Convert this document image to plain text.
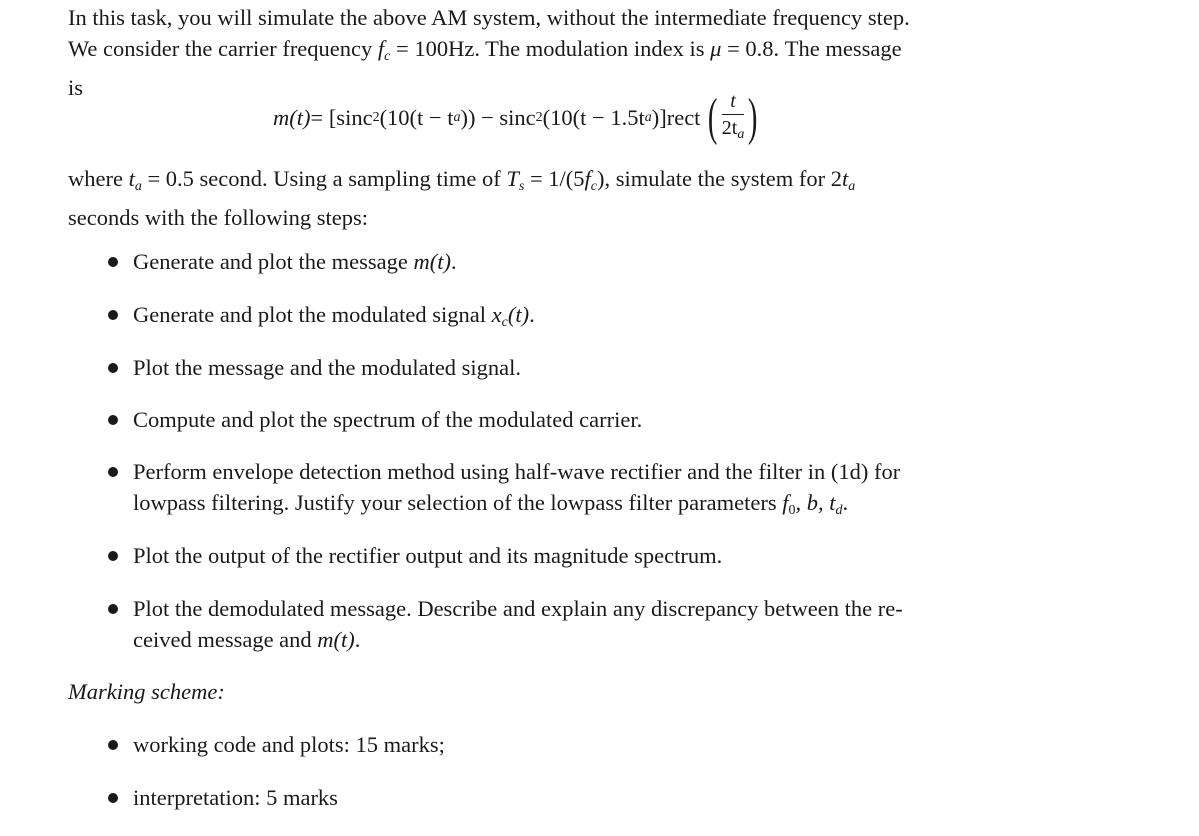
In this task, you will simulate the above AM system, without the intermediate frequency step.
We consider the carrier frequency $f_c = 100Hz$. The modulation index is μ = 0.8. The message
is
m(t) = [sinc 2 (10(t − t a )) − sinc 2 (10(t − 1.5t a )]rect ( $\frac{t}{2t_a}$ )
where $t_a = 0.5$ second. Using a sampling time of $T_s = 1/(5f_c)$, simulate the system for $2t_a$
seconds with the following steps:
Generate and plot the message m(t).
Generate and plot the modulated signal $x_c(t)$.
Plot the message and the modulated signal.
Compute and plot the spectrum of the modulated carrier.
Perform envelope detection method using half-wave rectifier and the filter in (1d) for
lowpass filtering. Justify your selection of the lowpass filter parameters $f_0$, b, $t_d$.
Plot the output of the rectifier output and its magnitude spectrum.
Plot the demodulated message. Describe and explain any discrepancy between the re-
ceived message and m(t).
Marking scheme:
working code and plots: 15 marks;
interpretation: 5 marks
